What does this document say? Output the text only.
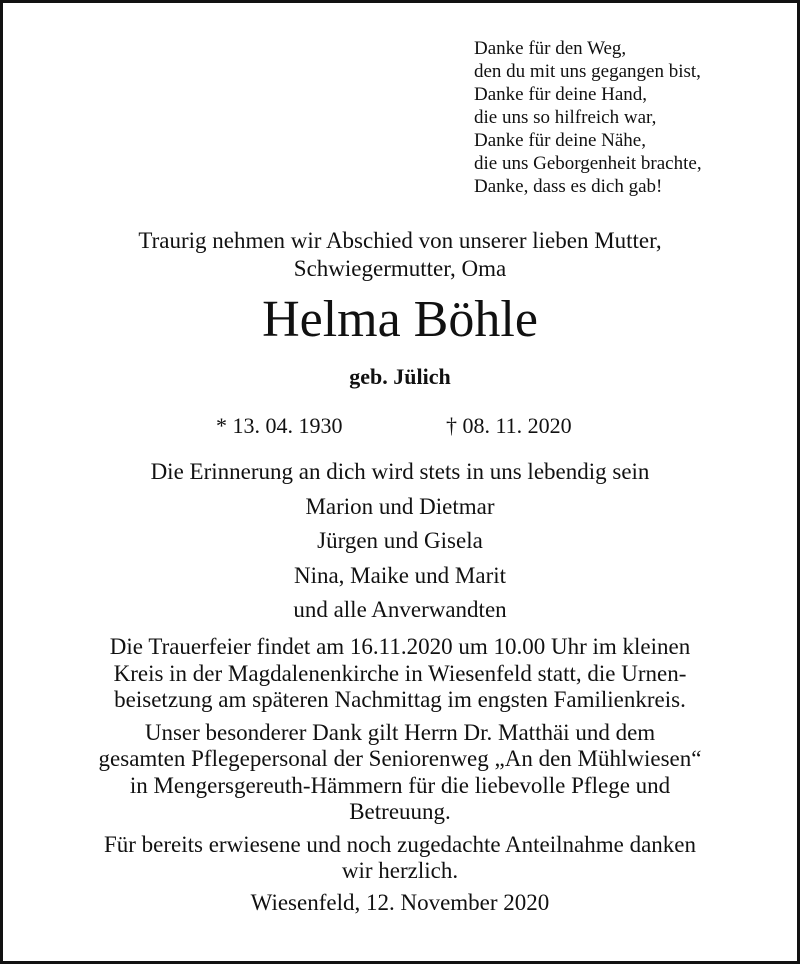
Danke für den Weg,
den du mit uns gegangen bist,
Danke für deine Hand,
die uns so hilfreich war,
Danke für deine Nähe,
die uns Geborgenheit brachte,
Danke, dass es dich gab!
Traurig nehmen wir Abschied von unserer lieben Mutter,
Schwiegermutter, Oma
Helma Böhle
geb. Jülich
* 13. 04. 1930	† 08. 11. 2020
Die Erinnerung an dich wird stets in uns lebendig sein
Marion und Dietmar
Jürgen und Gisela
Nina, Maike und Marit
und alle Anverwandten
Die Trauerfeier findet am 16.11.2020 um 10.00 Uhr im kleinen
Kreis in der Magdalenenkirche in Wiesenfeld statt, die Urnen-
beisetzung am späteren Nachmittag im engsten Familienkreis.
Unser besonderer Dank gilt Herrn Dr. Matthäi und dem
gesamten Pflegepersonal der Seniorenweg „An den Mühlwiesen“
in Mengersgereuth-Hämmern für die liebevolle Pflege und
Betreuung.
Für bereits erwiesene und noch zugedachte Anteilnahme danken
wir herzlich.
Wiesenfeld, 12. November 2020
